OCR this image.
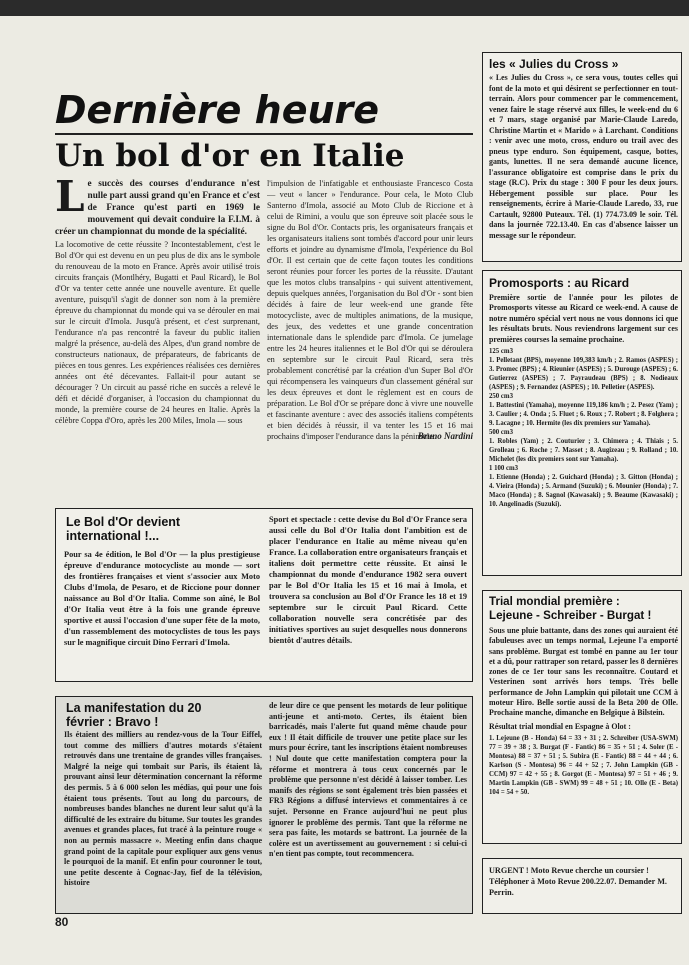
Dernière heure
Un bol d'or en Italie
L e succès des courses d'endurance n'est nulle part aussi grand qu'en France et c'est de France qu'est parti en 1969 le mouvement qui devait conduire la F.I.M. à créer un championnat du monde de la spécialité.

La locomotive de cette réussite ? Incontestablement, c'est le Bol d'Or qui est devenu en un peu plus de dix ans le symbole du renouveau de la moto en France. Après avoir utilisé trois circuits français (Montlhéry, Bugatti et Paul Ricard), le Bol d'Or va tenter cette année une nouvelle aventure. Et quelle aventure, puisqu'il s'agit de donner son nom à la première épreuve du championnat du monde qui va se dérouler en mai sur le circuit d'Imola. Jusqu'à présent, et c'est surprenant, l'endurance n'a pas rencontré la faveur du public italien malgré la présence, au-delà des Alpes, d'un grand nombre de constructeurs nationaux, de préparateurs, de fabricants de pièces en tous genres. Les expériences réalisées ces dernières années ont été décevantes. Fallait-il pour autant se décourager ? Un circuit au passé riche en succès a relevé le défi et décidé d'organiser, à l'occasion du championnat du monde, la première course de 24 heures en Italie. Après la célèbre Coppa d'Oro, après les 200 Miles, Imola — sous

l'impulsion de l'infatigable et enthousiaste Francesco Costa — veut « lancer » l'endurance. Pour cela, le Moto Club Santerno d'Imola, associé au Moto Club de Riccione et à celui de Rimini, a voulu que son épreuve soit placée sous le signe du Bol d'Or. Contacts pris, les organisateurs français et les organisateurs italiens sont tombés d'accord pour unir leurs efforts et joindre au dynamisme d'Imola, l'expérience du Bol d'Or. Il est certain que de cette façon toutes les conditions seront réunies pour forcer les portes de la réussite. D'autant que les motos clubs transalpins - qui suivent attentivement, depuis quelques années, l'organisation du Bol d'Or - sont bien décidés à faire de leur week-end une grande fête motocycliste, avec de multiples animations, de la musique, des jeux, des vedettes et une grande concentration internationale dans le splendide parc d'Imola. Ce jumelage entre les 24 heures italiennes et le Bol d'Or qui se déroulera en septembre sur le circuit Paul Ricard, sera très probablement concrétisé par la création d'un Super Bol d'Or qui récompensera les vainqueurs d'un classement général sur les deux épreuves et dont le règlement est en cours de préparation. Le Bol d'Or se prépare donc à vivre une nouvelle et fascinante aventure : avec des associés italiens compétents et bien décidés à réussir, il va tenter les 15 et 16 mai prochains d'imposer l'endurance dans la péninsule.

Bruno Nardini

Le Bol d'Or devient
international !...

Pour sa 4e édition, le Bol d'Or — la plus prestigieuse épreuve d'endurance motocycliste au monde — sort des frontières françaises et vient s'associer aux Moto Clubs d'Imola, de Pesaro, et de Riccione pour donner naissance au Bol d'Or Italia. Comme son aîné, le Bol d'Or Italia veut être à la fois une grande épreuve sportive et aussi l'occasion d'une super fête de la moto, d'un rassemblement des motocyclistes de tous les pays sur le magnifique circuit Dino Ferrari d'Imola.

Sport et spectacle : cette devise du Bol d'Or France sera aussi celle du Bol d'Or Italia dont l'ambition est de placer l'endurance en Italie au même niveau qu'en France. La collaboration entre organisateurs français et italiens doit permettre cette réussite. Et ainsi le championnat du monde d'endurance 1982 sera ouvert par le Bol d'Or Italia les 15 et 16 mai à Imola, et trouvera sa conclusion au Bol d'Or France les 18 et 19 septembre sur le circuit Paul Ricard. Cette collaboration nouvelle sera concrétisée par des initiatives sportives au sujet desquelles nous donnerons bientôt d'autres détails.

La manifestation du 20
février : Bravo !

Ils étaient des milliers au rendez-vous de la Tour Eiffel, tout comme des milliers d'autres motards s'étaient retrouvés dans une trentaine de grandes villes françaises. Malgré la neige qui tombait sur Paris, ils étaient là, prouvant ainsi leur détermination concernant la réforme des permis. 5 à 6 000 selon les médias, qui pour une fois étaient tous présents. Tout au long du parcours, de nombreuses bandes blanches ne durent leur salut qu'à la difficulté de les extraire du bitume. Sur toutes les grandes avenues et grandes places, fut tracé à la peinture rouge « non au permis massacre ». Meeting enfin dans chaque grand point de la capitale pour expliquer aux gens venus le pourquoi de la manif. Et enfin pour couronner le tout, une petite descente à Cognac-Jay, fief de la télévision, histoire

de leur dire ce que pensent les motards de leur politique anti-jeune et anti-moto. Certes, ils étaient bien barricadés, mais l'alerte fut quand même chaude pour eux ! Il était difficile de trouver une petite place sur les murs pour écrire, tant les inscriptions étaient nombreuses ! Nul doute que cette manifestation comptera pour la réforme et montrera à tous ceux concernés par le problème que personne n'est décidé à laisser tomber. Les manifs des régions se sont également très bien passées et FR3 Régions a diffusé interviews et commentaires à ce sujet. Personne en France aujourd'hui ne peut plus ignorer le problème des permis. Tant que la réforme ne sera pas faite, les motards se battront. La journée de la colère est un avertissement au gouvernement : si celui-ci n'en tient pas compte, tout recommencera.

80
les « Julies du Cross »

« Les Julies du Cross », ce sera vous, toutes celles qui font de la moto et qui désirent se perfectionner en tout-terrain. Alors pour commencer par le commencement, venez faire le stage réservé aux filles, le week-end du 6 et 7 mars, stage organisé par Marie-Claude Laredo, Christine Martin et « Marido » à Larchant. Conditions : venir avec une moto, cross, enduro ou trail avec des pneus type enduro. Son équipement, casque, bottes, gants, lunettes. Il ne sera demandé aucune licence, l'assurance obligatoire est comprise dans le prix du stage (R.C). Prix du stage : 300 F pour les deux jours. Hébergement possible sur place. Pour les renseignements, écrire à Marie-Claude Laredo, 33, rue Cartault, 92800 Puteaux. Tél. (1) 774.73.09 le soir. Tél. dans la journée 722.13.40. En cas d'absence laisser un message sur le répondeur.

Promosports : au Ricard

Première sortie de l'année pour les pilotes de Promosports vitesse au Ricard ce week-end. A cause de notre numéro spécial vert nous ne vous donnons ici que les résultats bruts. Nous reviendrons largement sur ces premières courses la semaine prochaine.

125 cm3

1. Pelletant (BPS), moyenne 109,383 km/h ; 2. Ramos (ASPES) ; 3. Promec (BPS) ; 4. Rieunier (ASPES) ; 5. Durouge (ASPES) ; 6. Gutierrez (ASPES) ; 7. Payraudeau (BPS) ; 8. Nodieaux (ASPES) ; 9. Fernandez (ASPES) ; 10. Pelletier (ASPES).

250 cm3

1. Battestini (Yamaha), moyenne 119,186 km/h ; 2. Pesez (Yam) ; 3. Caulier ; 4. Onda ; 5. Fluet ; 6. Roux ; 7. Robert ; 8. Folghera ; 9. Lacagne ; 10. Hermite (les dix premiers sur Yamaha).

500 cm3

1. Robles (Yam) ; 2. Couturier ; 3. Chimera ; 4. Thiais ; 5. Grolleau ; 6. Roche ; 7. Masset ; 8. Augizeau ; 9. Rolland ; 10. Michelet (les dix premiers sont sur Yamaha).

1 100 cm3

1. Etienne (Honda) ; 2. Guichard (Honda) ; 3. Gitton (Honda) ; 4. Vieira (Honda) ; 5. Armand (Suzuki) ; 6. Mounier (Honda) ; 7. Maco (Honda) ; 8. Sagnol (Kawasaki) ; 9. Beaume (Kawasaki) ; 10. Angelinadis (Suzuki).

Trial mondial première :
Lejeune - Schreiber - Burgat !

Sous une pluie battante, dans des zones qui auraient été fabuleuses avec un temps normal, Lejeune l'a emporté sans problème. Burgat est tombé en panne au 1er tour et a dû, pour rattraper son retard, passer les 8 dernières zones de ce 1er tour sans les reconnaître. Coutard et Vesterinen sont arrivés hors temps. Très belle performance de John Lampkin qui pilotait une CCM à moteur Hiro. Belle sortie aussi de la Beta 200 de Olle. Prochaine manche, dimanche en Belgique à Bilstein.

Résultat trial mondial en Espagne à Olot :

1. Lejeune (B - Honda) 64 = 33 + 31 ; 2. Schreiber (USA-SWM) 77 = 39 + 38 ; 3. Burgat (F - Fantic) 86 = 35 + 51 ; 4. Soler (E - Montesa) 88 = 37 + 51 ; 5. Subira (E - Fantic) 88 = 44 + 44 ; 6. Karlson (S - Montesa) 96 = 44 + 52 ; 7. John Lampkin (GB - CCM) 97 = 42 + 55 ; 8. Gorgot (E - Montesa) 97 = 51 + 46 ; 9. Martin Lampkin (GB - SWM) 99 = 48 + 51 ; 10. Olle (E - Beta) 104 = 54 + 50.

URGENT ! Moto Revue cherche un coursier ! Téléphoner à Moto Revue 200.22.07. Demander M. Perrin.
